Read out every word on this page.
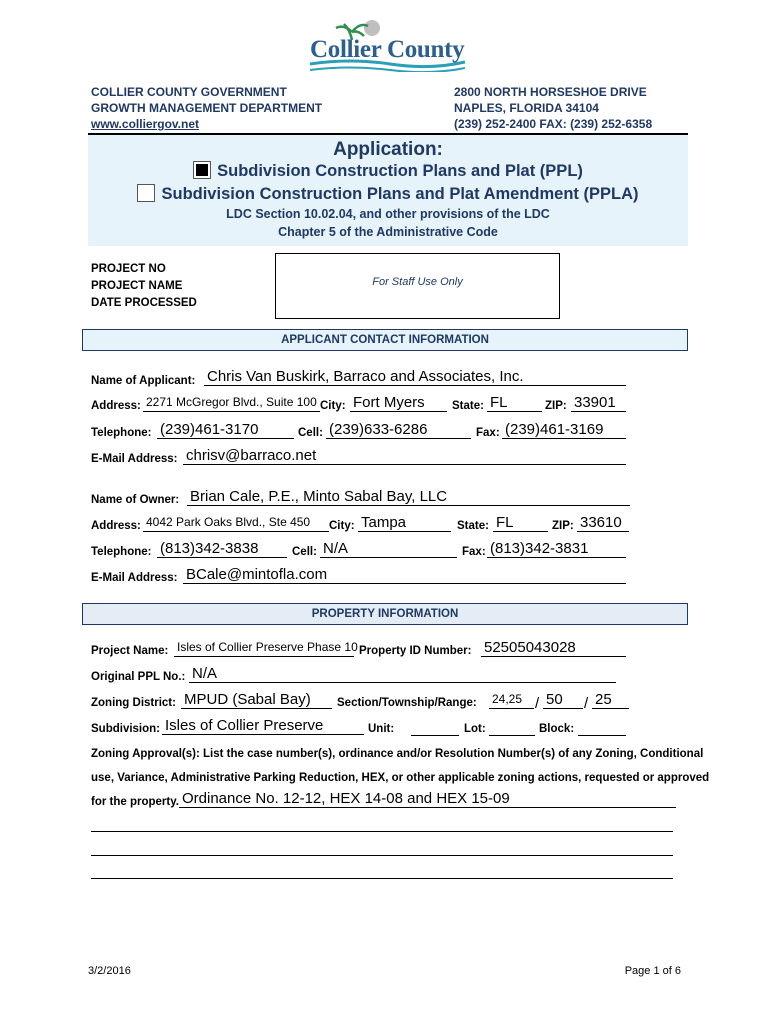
Collier County
COLLIER COUNTY GOVERNMENT
GROWTH MANAGEMENT DEPARTMENT
www.colliergov.net
2800 NORTH HORSESHOE DRIVE
NAPLES, FLORIDA 34104
(239) 252-2400 FAX: (239) 252-6358
Application:
Subdivision Construction Plans and Plat (PPL)
Subdivision Construction Plans and Plat Amendment (PPLA)
LDC Section 10.02.04, and other provisions of the LDC
Chapter 5 of the Administrative Code
PROJECT NO
PROJECT NAME
DATE PROCESSED
For Staff Use Only
APPLICANT CONTACT INFORMATION
Name of Applicant: Chris Van Buskirk, Barraco and Associates, Inc.
Address: 2271 McGregor Blvd., Suite 100 City: Fort Myers	State: FL	ZIP: 33901
Telephone: (239)461-3170	Cell: (239)633-6286	Fax: (239)461-3169
E-Mail Address: chrisv@barraco.net
Name of Owner: Brian Cale, P.E., Minto Sabal Bay, LLC
Address: 4042 Park Oaks Blvd., Ste 450	City: Tampa	State: FL	ZIP: 33610
Telephone: (813)342-3838	Cell: N/A	Fax: (813)342-3831
E-Mail Address: BCale@mintofla.com
PROPERTY INFORMATION
Project Name: Isles of Collier Preserve Phase 10 Property ID Number: 52505043028
Original PPL No.: N/A
Zoning District: MPUD (Sabal Bay)	Section/Township/Range: 24,25 / 50	/ 25
Subdivision: Isles of Collier Preserve	Unit:	Lot:	Block:
Zoning Approval(s): List the case number(s), ordinance and/or Resolution Number(s) of any Zoning, Conditional
use, Variance, Administrative Parking Reduction, HEX, or other applicable zoning actions, requested or approved
for the property. Ordinance No. 12-12, HEX 14-08 and HEX 15-09
3/2/2016	Page 1 of 6
